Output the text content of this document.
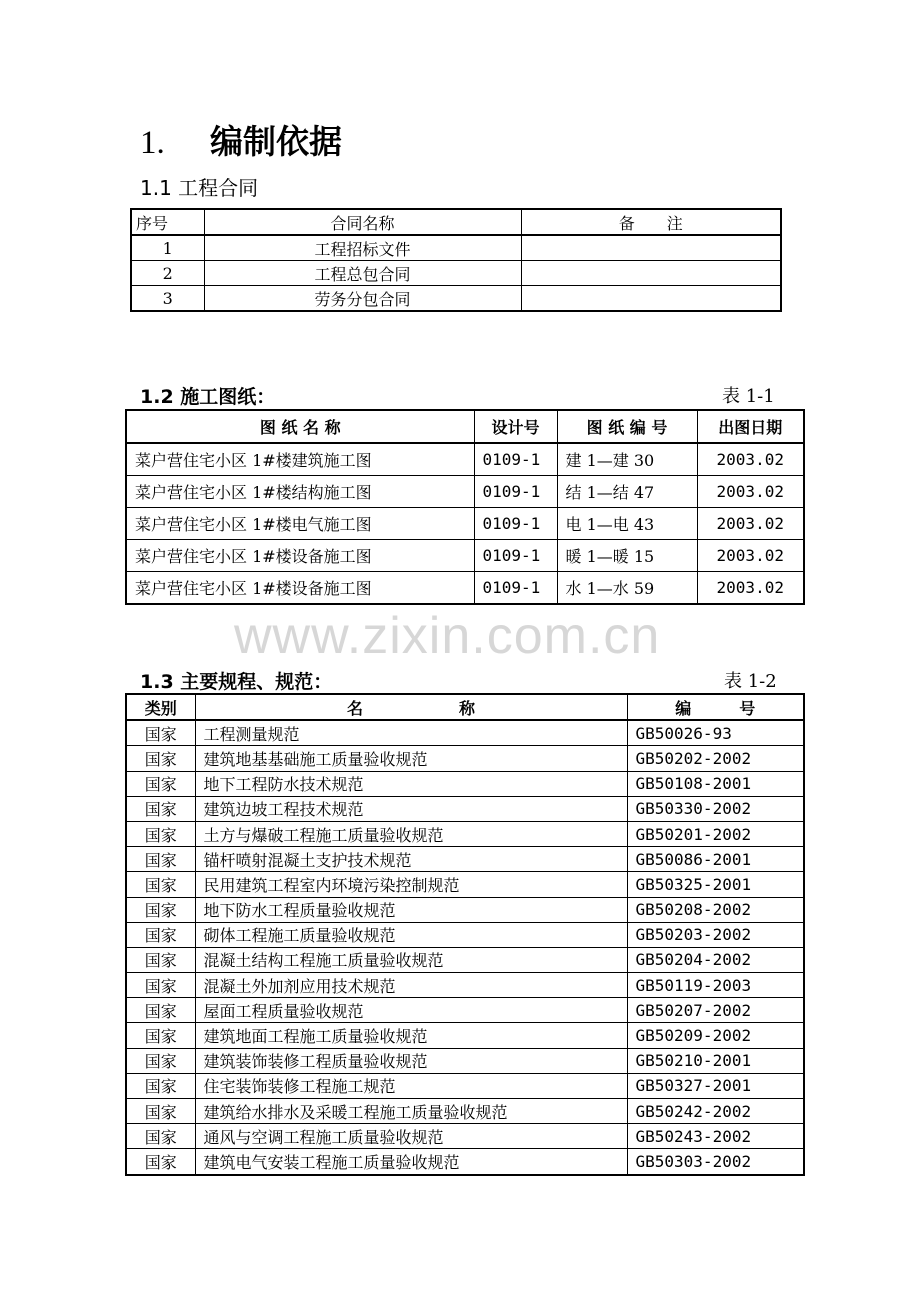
1. 编制依据
1.1 工程合同
序号	合同名称	备　　注
1	工程招标文件	
2	工程总包合同	
3	劳务分包合同	
1.2 施工图纸：	表 1-1
图 纸 名 称	设计号	图 纸 编 号	出图日期
菜户营住宅小区 1#楼建筑施工图	0109-1	建 1—建 30	2003.02
菜户营住宅小区 1#楼结构施工图	0109-1	结 1—结 47	2003.02
菜户营住宅小区 1#楼电气施工图	0109-1	电 1—电 43	2003.02
菜户营住宅小区 1#楼设备施工图	0109-1	暖 1—暖 15	2003.02
菜户营住宅小区 1#楼设备施工图	0109-1	水 1—水 59	2003.02
www.zixin.com.cn
1.3 主要规程、规范：	表 1-2
类别	名　　　　　　称	编　　　号
国家	工程测量规范	GB50026-93
国家	建筑地基基础施工质量验收规范	GB50202-2002
国家	地下工程防水技术规范	GB50108-2001
国家	建筑边坡工程技术规范	GB50330-2002
国家	土方与爆破工程施工质量验收规范	GB50201-2002
国家	锚杆喷射混凝土支护技术规范	GB50086-2001
国家	民用建筑工程室内环境污染控制规范	GB50325-2001
国家	地下防水工程质量验收规范	GB50208-2002
国家	砌体工程施工质量验收规范	GB50203-2002
国家	混凝土结构工程施工质量验收规范	GB50204-2002
国家	混凝土外加剂应用技术规范	GB50119-2003
国家	屋面工程质量验收规范	GB50207-2002
国家	建筑地面工程施工质量验收规范	GB50209-2002
国家	建筑装饰装修工程质量验收规范	GB50210-2001
国家	住宅装饰装修工程施工规范	GB50327-2001
国家	建筑给水排水及采暖工程施工质量验收规范	GB50242-2002
国家	通风与空调工程施工质量验收规范	GB50243-2002
国家	建筑电气安装工程施工质量验收规范	GB50303-2002
